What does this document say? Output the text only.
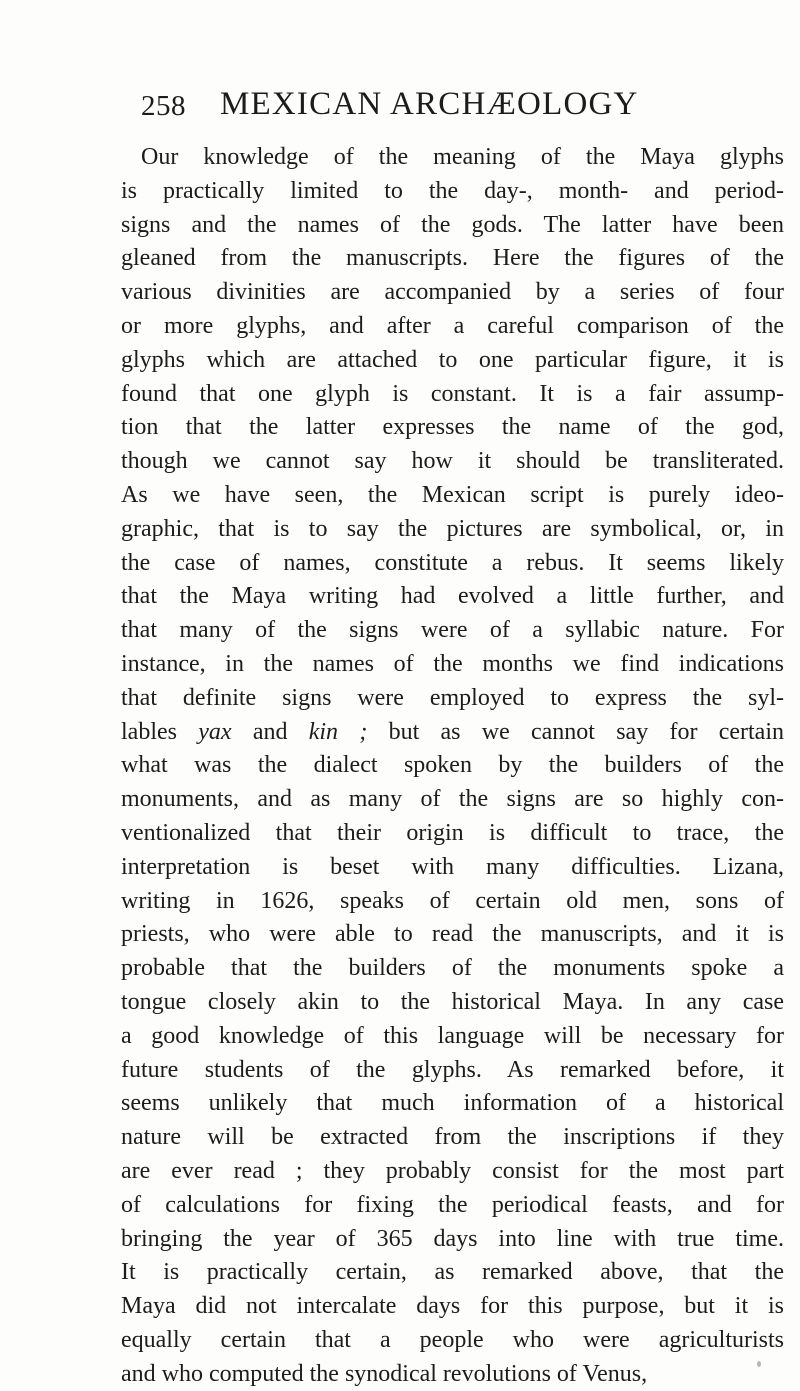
258 MEXICAN ARCHÆOLOGY
Our knowledge of the meaning of the Maya glyphs
is practically limited to the day-, month- and period-
signs and the names of the gods. The latter have been
gleaned from the manuscripts. Here the figures of the
various divinities are accompanied by a series of four
or more glyphs, and after a careful comparison of the
glyphs which are attached to one particular figure, it is
found that one glyph is constant. It is a fair assump-
tion that the latter expresses the name of the god,
though we cannot say how it should be transliterated.
As we have seen, the Mexican script is purely ideo-
graphic, that is to say the pictures are symbolical, or, in
the case of names, constitute a rebus. It seems likely
that the Maya writing had evolved a little further, and
that many of the signs were of a syllabic nature. For
instance, in the names of the months we find indications
that definite signs were employed to express the syl-
lables yax and kin ; but as we cannot say for certain
what was the dialect spoken by the builders of the
monuments, and as many of the signs are so highly con-
ventionalized that their origin is difficult to trace, the
interpretation is beset with many difficulties. Lizana,
writing in 1626, speaks of certain old men, sons of
priests, who were able to read the manuscripts, and it is
probable that the builders of the monuments spoke a
tongue closely akin to the historical Maya. In any case
a good knowledge of this language will be necessary for
future students of the glyphs. As remarked before, it
seems unlikely that much information of a historical
nature will be extracted from the inscriptions if they
are ever read ; they probably consist for the most part
of calculations for fixing the periodical feasts, and for
bringing the year of 365 days into line with true time.
It is practically certain, as remarked above, that the
Maya did not intercalate days for this purpose, but it is
equally certain that a people who were agriculturists
and who computed the synodical revolutions of Venus,
